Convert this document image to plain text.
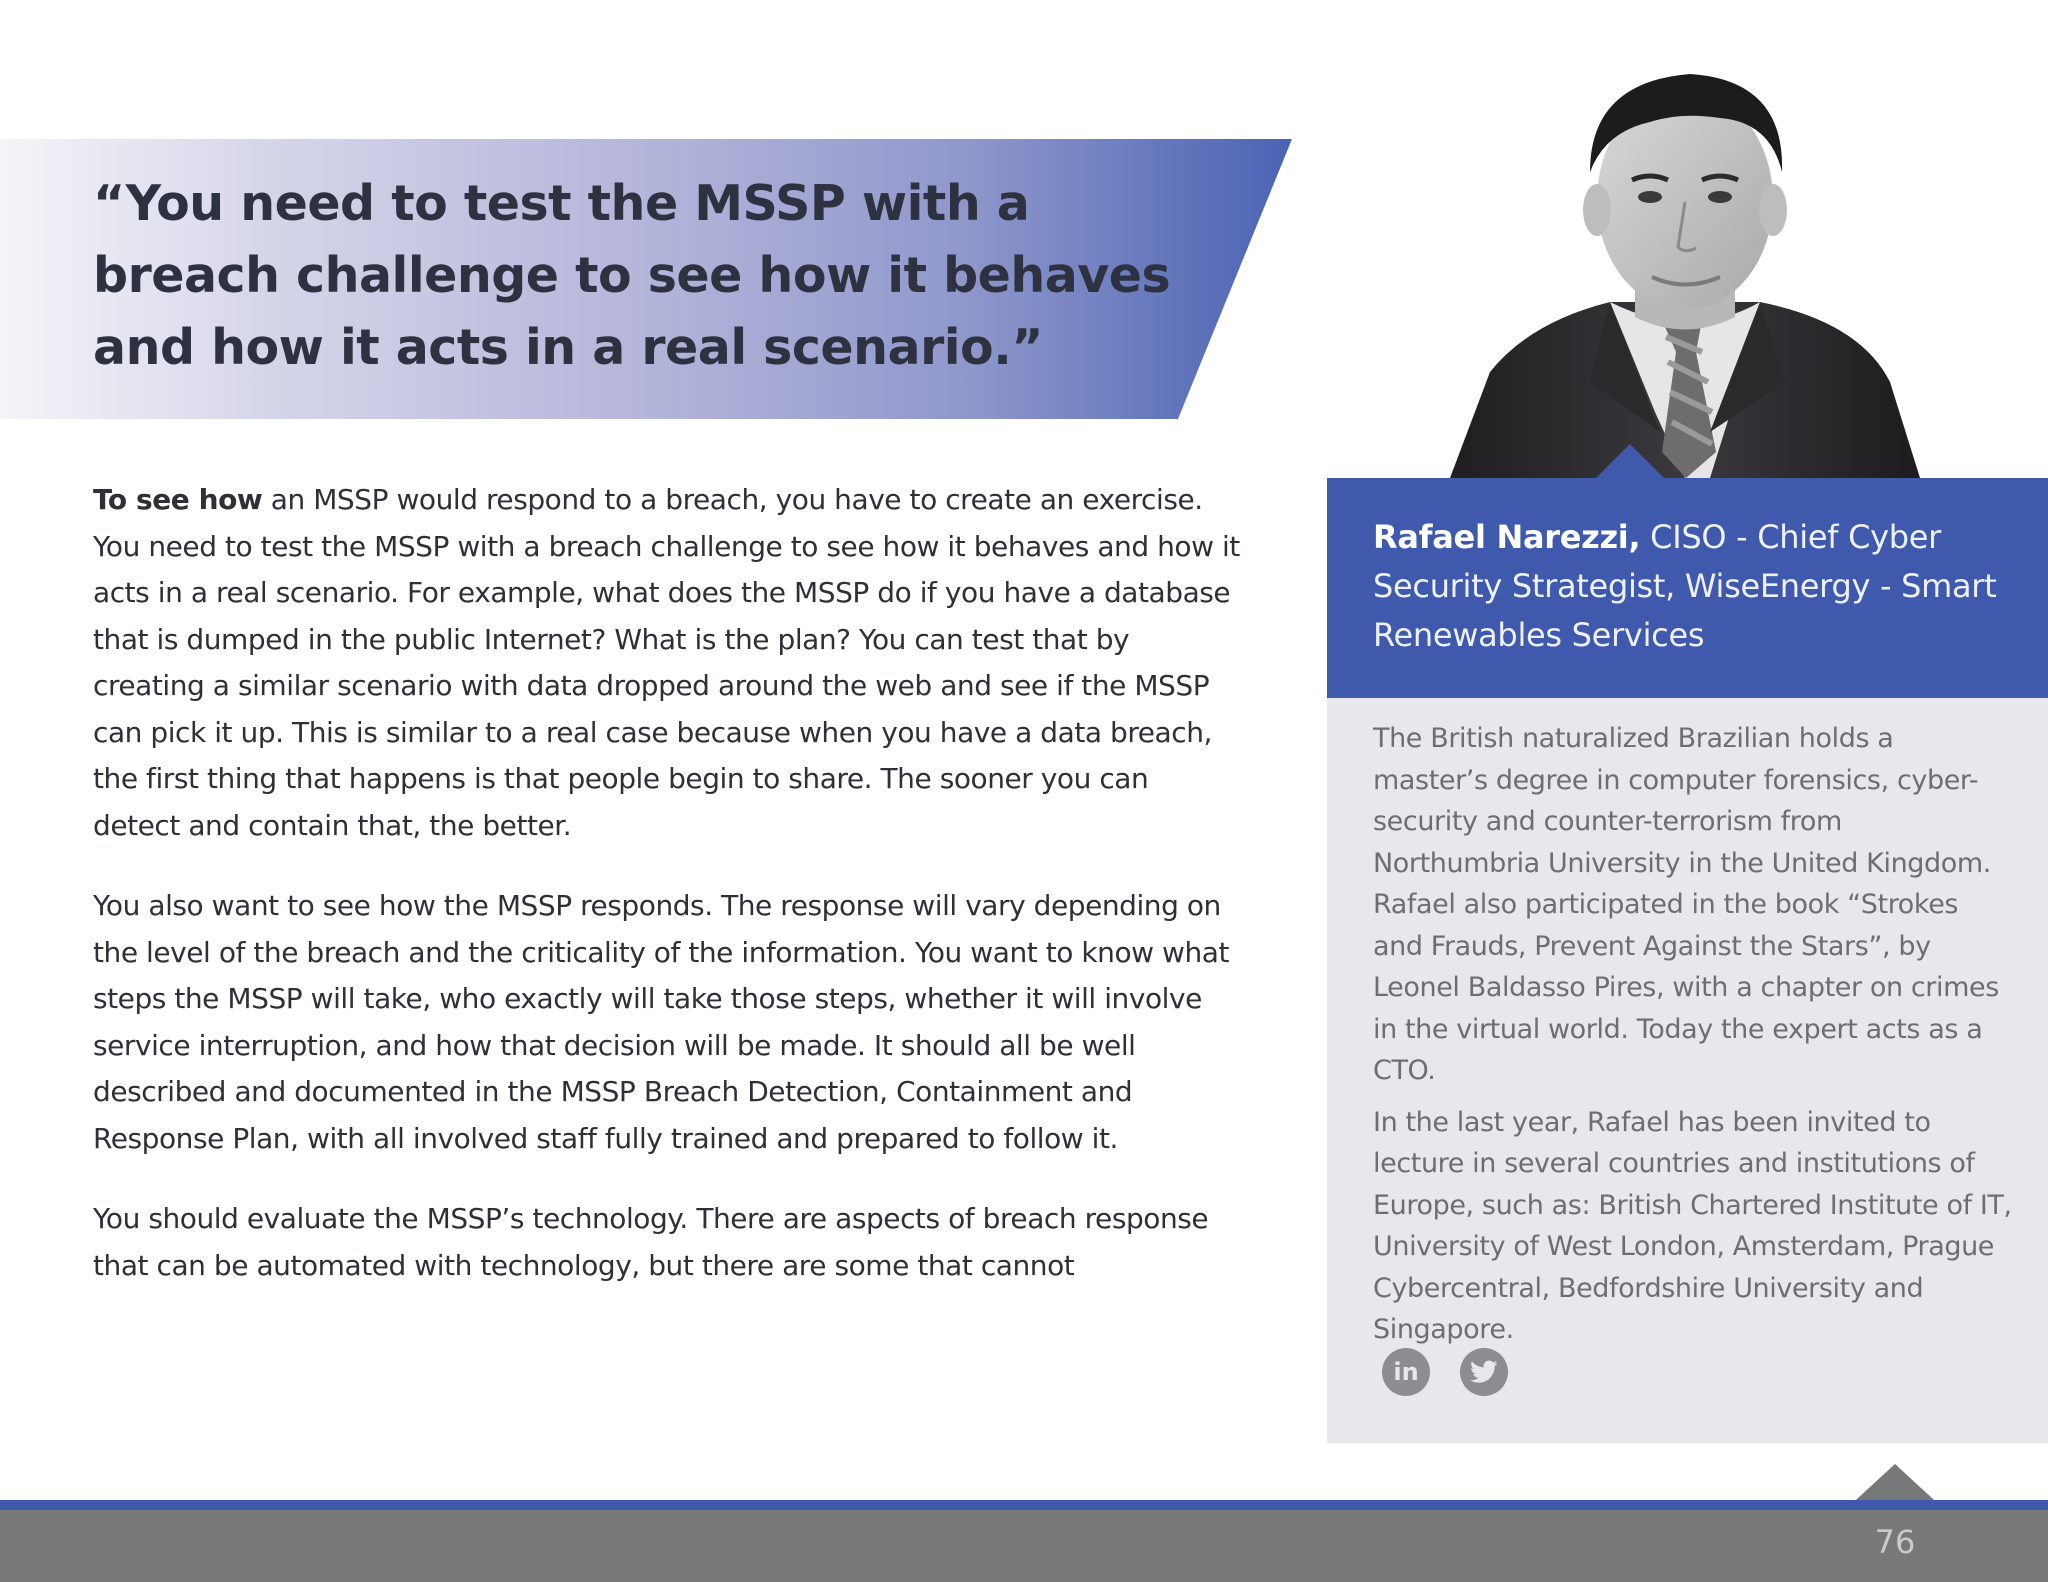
“You need to test the MSSP with a breach challenge to see how it behaves and how it acts in a real scenario.”

To see how an MSSP would respond to a breach, you have to create an exercise. You need to test the MSSP with a breach challenge to see how it behaves and how it acts in a real scenario. For example, what does the MSSP do if you have a database that is dumped in the public Internet? What is the plan? You can test that by creating a similar scenario with data dropped around the web and see if the MSSP can pick it up. This is similar to a real case because when you have a data breach, the first thing that happens is that people begin to share. The sooner you can detect and contain that, the better.

You also want to see how the MSSP responds. The response will vary depending on the level of the breach and the criticality of the information. You want to know what steps the MSSP will take, who exactly will take those steps, whether it will involve service interruption, and how that decision will be made. It should all be well described and documented in the MSSP Breach Detection, Containment and Response Plan, with all involved staff fully trained and prepared to follow it.

You should evaluate the MSSP’s technology. There are aspects of breach response that can be automated with technology, but there are some that cannot

Rafael Narezzi, CISO - Chief Cyber Security Strategist, WiseEnergy - Smart Renewables Services

The British naturalized Brazilian holds a master’s degree in computer forensics, cyber-security and counter-terrorism from Northumbria University in the United Kingdom. Rafael also participated in the book “Strokes and Frauds, Prevent Against the Stars”, by Leonel Baldasso Pires, with a chapter on crimes in the virtual world. Today the expert acts as a CTO.

In the last year, Rafael has been invited to lecture in several countries and institutions of Europe, such as: British Chartered Institute of IT, University of West London, Amsterdam, Prague Cybercentral, Bedfordshire University and Singapore.

in
76
